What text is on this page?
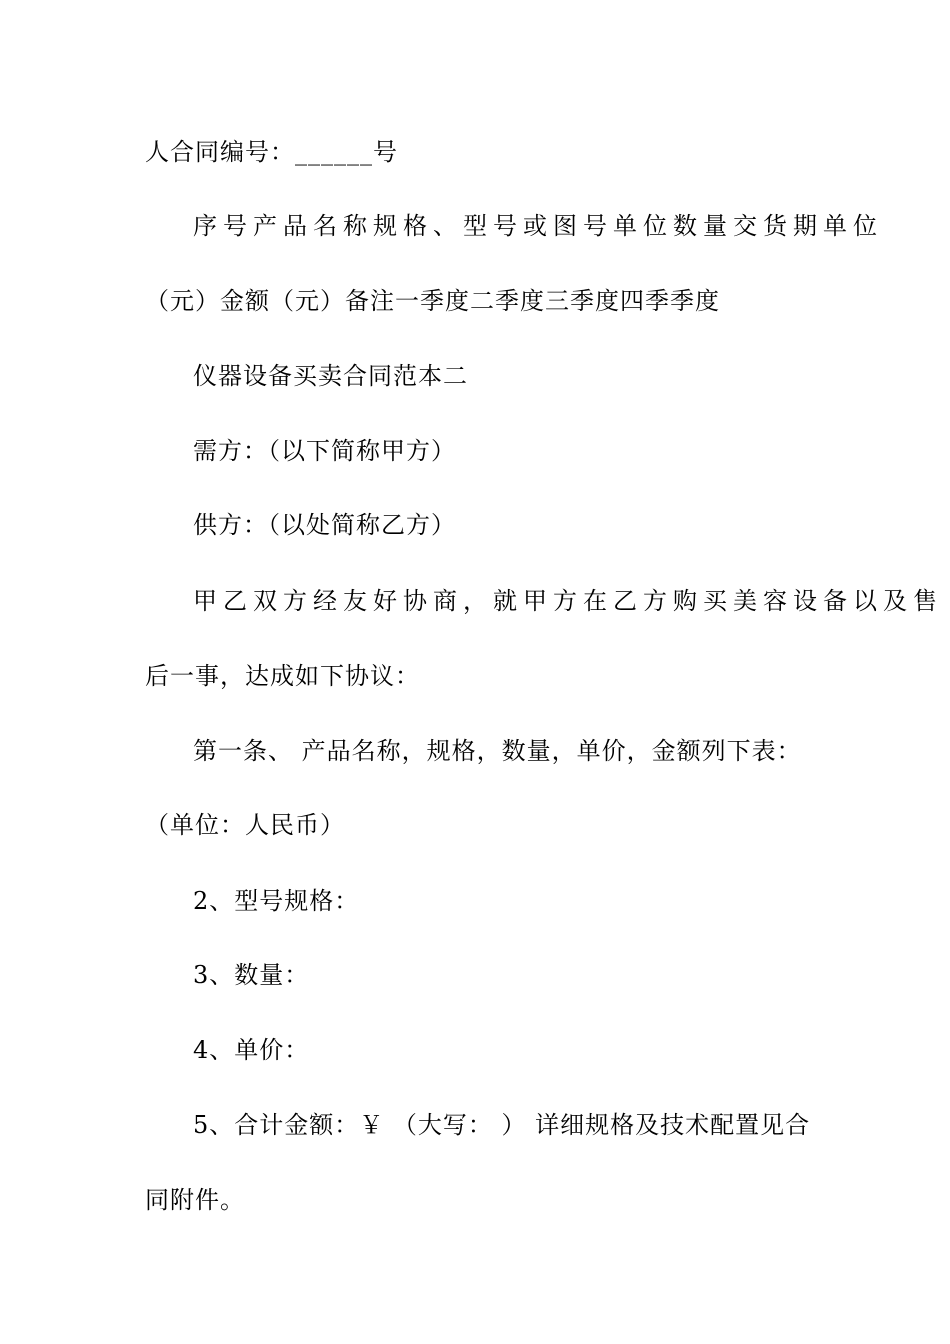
人合同编号：______号
序号产品名称规格、型号或图号单位数量交货期单位
（元）金额（元）备注一季度二季度三季度四季季度
仪器设备买卖合同范本二
需方：（以下简称甲方）
供方：（以处简称乙方）
甲乙双方经友好协商，就甲方在乙方购买美容设备以及售
后一事，达成如下协议：
第一条、 产品名称，规格，数量，单价，金额列下表：
（单位：人民币）
2、型号规格：
3、数量：
4、单价：
5、合计金额：￥ （大写： ） 详细规格及技术配置见合
同附件。
